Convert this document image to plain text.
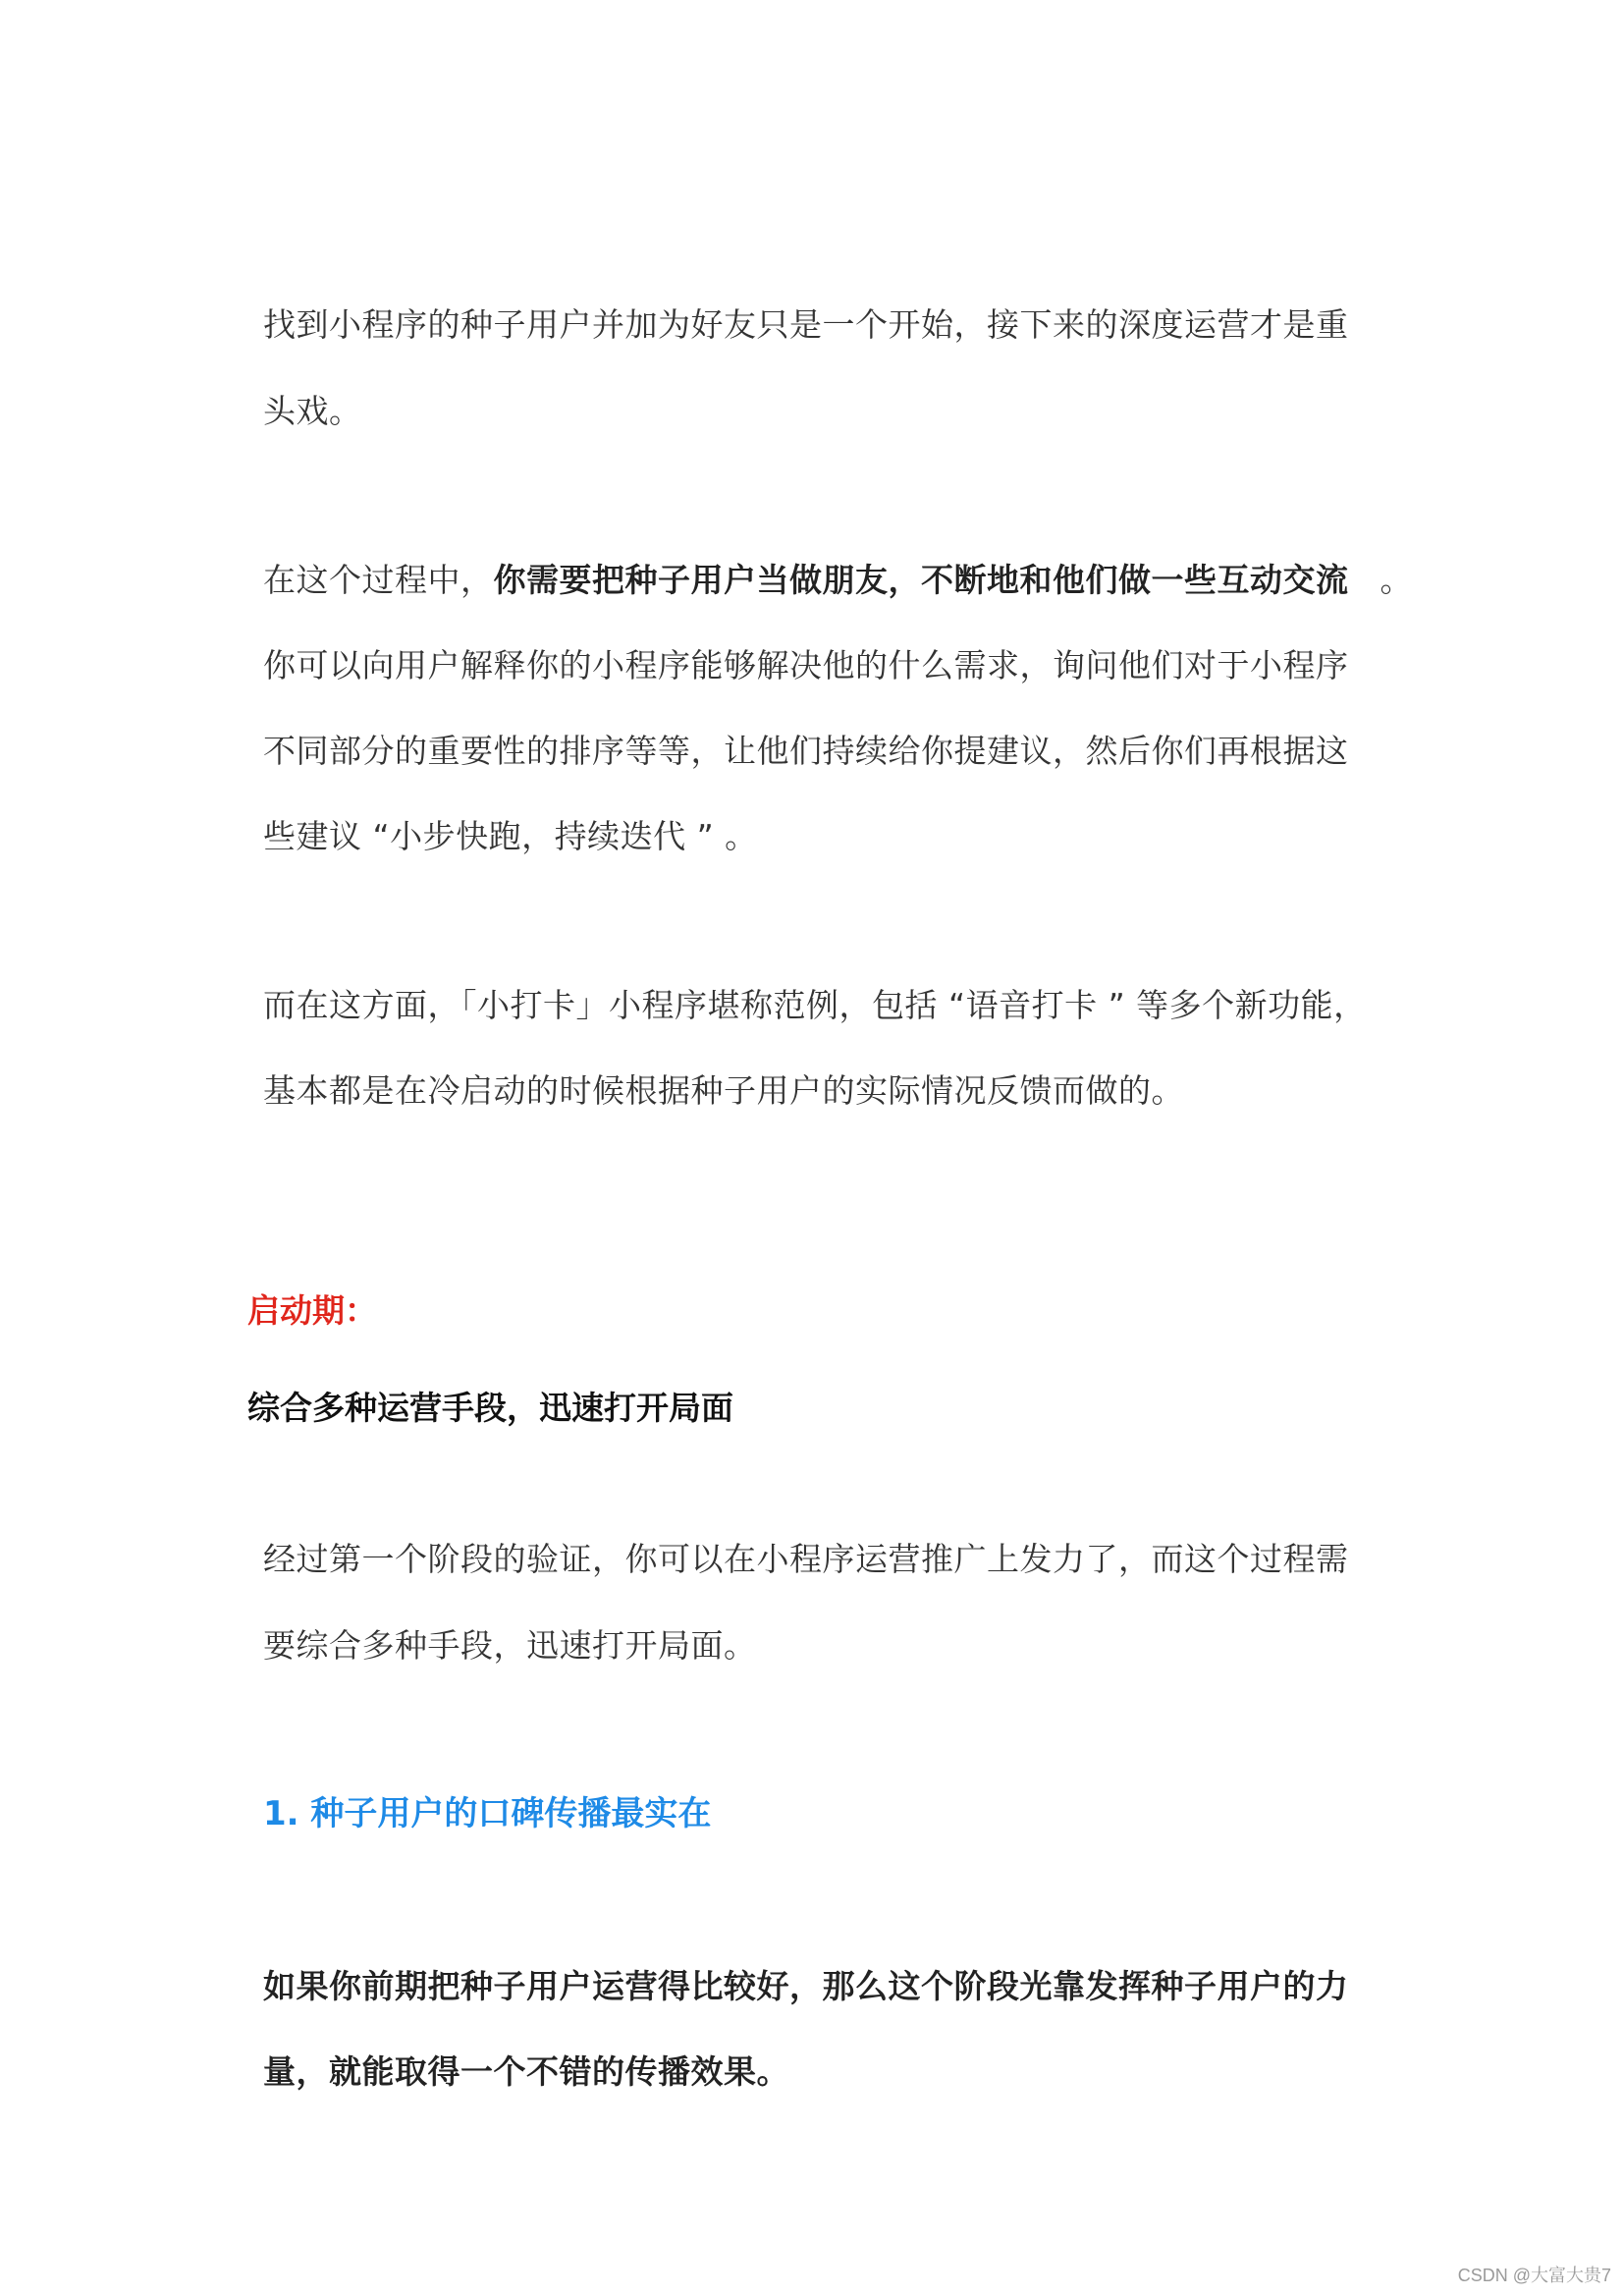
找到小程序的种子用户并加为好友只是一个开始，接下来的深度运营才是重
头戏。
在这个过程中，你需要把种子用户当做朋友，不断地和他们做一些互动交流 。
你可以向用户解释你的小程序能够解决他的什么需求，询问他们对于小程序
不同部分的重要性的排序等等，让他们持续给你提建议，然后你们再根据这
些建议 “小步快跑，持续迭代 ” 。
而在这方面，「小打卡」小程序堪称范例，包括 “语音打卡 ” 等多个新功能，
基本都是在冷启动的时候根据种子用户的实际情况反馈而做的。
启动期：
综合多种运营手段，迅速打开局面
经过第一个阶段的验证，你可以在小程序运营推广上发力了，而这个过程需
要综合多种手段，迅速打开局面。
1. 种子用户的口碑传播最实在
如果你前期把种子用户运营得比较好，那么这个阶段光靠发挥种子用户的力
量，就能取得一个不错的传播效果。
CSDN @大富大贵7
